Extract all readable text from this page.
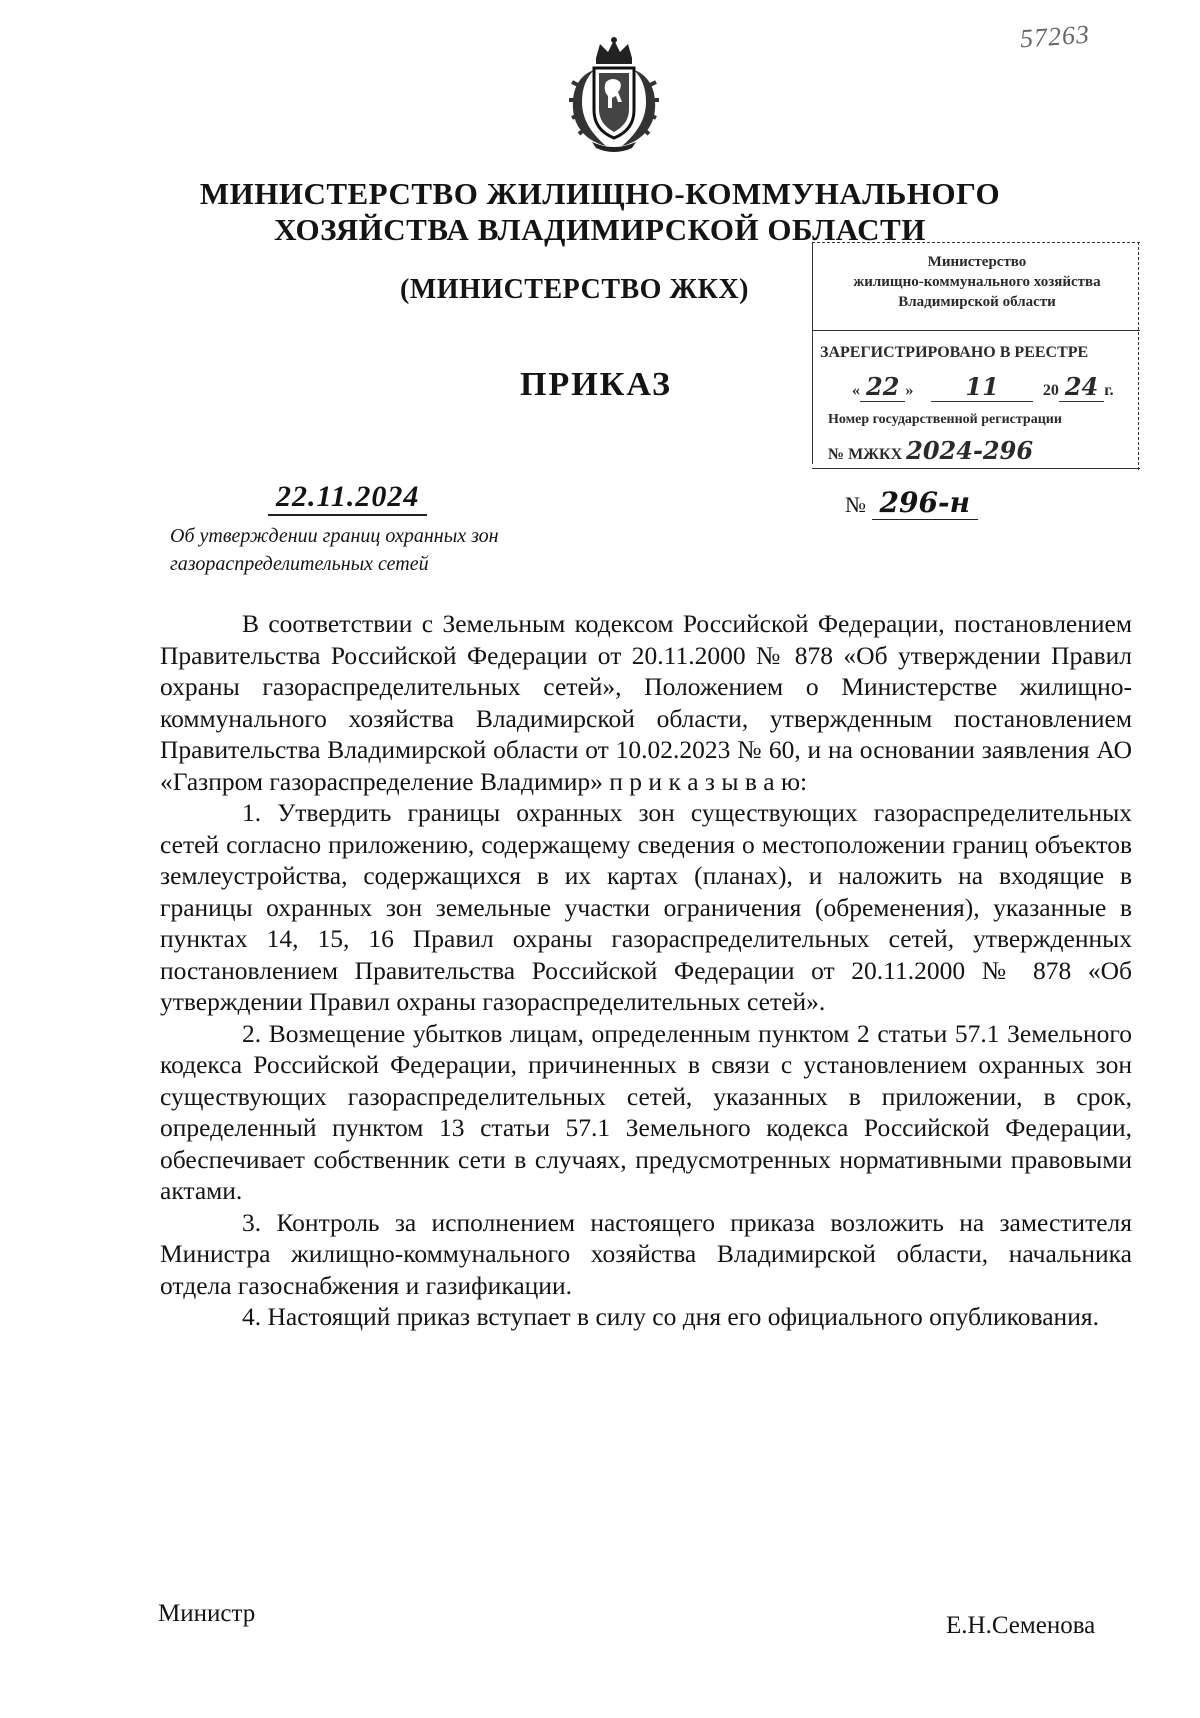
57263
МИНИСТЕРСТВО ЖИЛИЩНО-КОММУНАЛЬНОГО
ХОЗЯЙСТВА ВЛАДИМИРСКОЙ ОБЛАСТИ
(МИНИСТЕРСТВО ЖКХ)
ПРИКАЗ
Министерство
жилищно-коммунального хозяйства
Владимирской области
ЗАРЕГИСТРИРОВАНО В РЕЕСТРЕ
« 22 » 11	20 24 г.
Номер государственной регистрации
№ МЖКХ 2024-296
22.11.2024	№ 296-н
Об утверждении границ охранных зон
газораспределительных сетей

В соответствии с Земельным кодексом Российской Федерации, постановлением Правительства Российской Федерации от 20.11.2000 № 878 «Об утверждении Правил охраны газораспределительных сетей», Положением о Министерстве жилищно-коммунального хозяйства Владимирской области, утвержденным постановлением Правительства Владимирской области от 10.02.2023 № 60, и на основании заявления АО «Газпром газораспределение Владимир» п р и к а з ы в а ю:

1. Утвердить границы охранных зон существующих газораспределительных сетей согласно приложению, содержащему сведения о местоположении границ объектов землеустройства, содержащихся в их картах (планах), и наложить на входящие в границы охранных зон земельные участки ограничения (обременения), указанные в пунктах 14, 15, 16 Правил охраны газораспределительных сетей, утвержденных постановлением Правительства Российской Федерации от 20.11.2000 № 878 «Об утверждении Правил охраны газораспределительных сетей».

2. Возмещение убытков лицам, определенным пунктом 2 статьи 57.1 Земельного кодекса Российской Федерации, причиненных в связи с установлением охранных зон существующих газораспределительных сетей, указанных в приложении, в срок, определенный пунктом 13 статьи 57.1 Земельного кодекса Российской Федерации, обеспечивает собственник сети в случаях, предусмотренных нормативными правовыми актами.

3. Контроль за исполнением настоящего приказа возложить на заместителя Министра жилищно-коммунального хозяйства Владимирской области, начальника отдела газоснабжения и газификации.

4. Настоящий приказ вступает в силу со дня его официального опубликования.

Министр	Е.Н.Семенова
